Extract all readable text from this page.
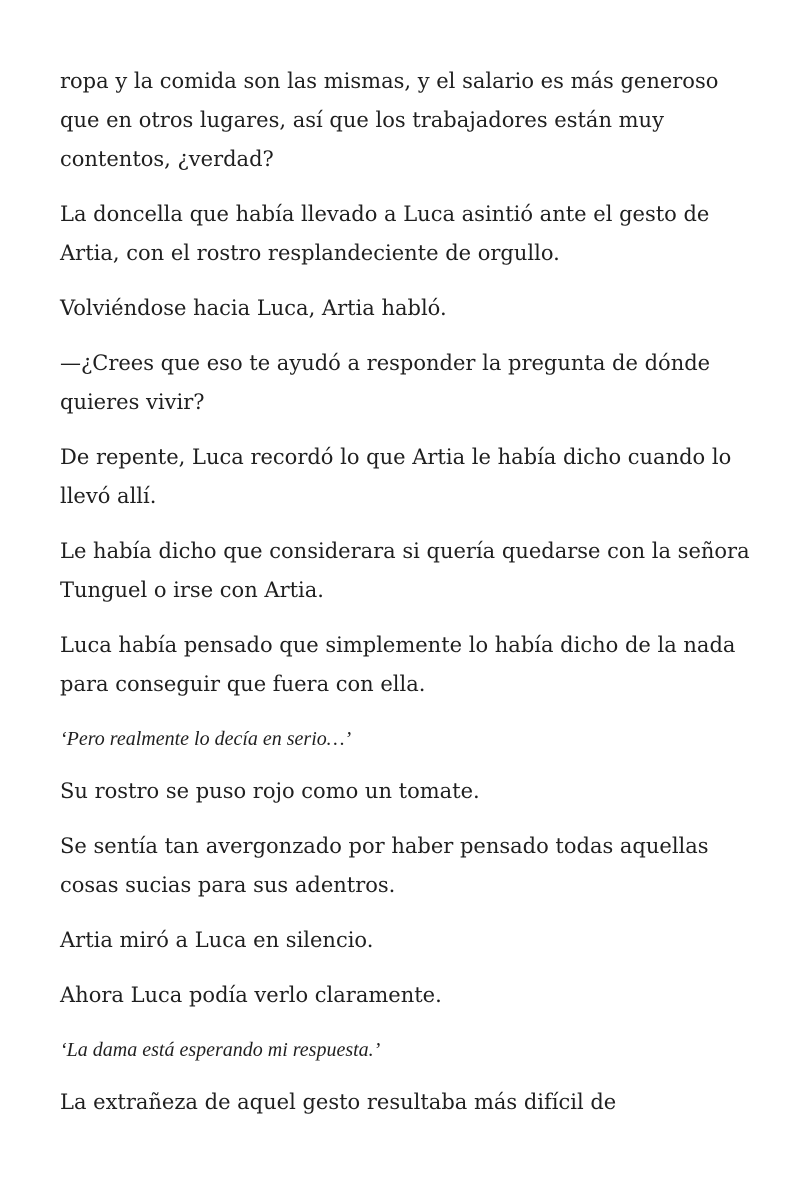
ropa y la comida son las mismas, y el salario es más generoso que en otros lugares, así que los trabajadores están muy contentos, ¿verdad?

La doncella que había llevado a Luca asintió ante el gesto de Artia, con el rostro resplandeciente de orgullo.

Volviéndose hacia Luca, Artia habló.

—¿Crees que eso te ayudó a responder la pregunta de dónde quieres vivir?

De repente, Luca recordó lo que Artia le había dicho cuando lo llevó allí.

Le había dicho que considerara si quería quedarse con la señora Tunguel o irse con Artia.

Luca había pensado que simplemente lo había dicho de la nada para conseguir que fuera con ella.

‘Pero realmente lo decía en serio…’

Su rostro se puso rojo como un tomate.

Se sentía tan avergonzado por haber pensado todas aquellas cosas sucias para sus adentros.

Artia miró a Luca en silencio.

Ahora Luca podía verlo claramente.

‘La dama está esperando mi respuesta.’

La extrañeza de aquel gesto resultaba más difícil de
